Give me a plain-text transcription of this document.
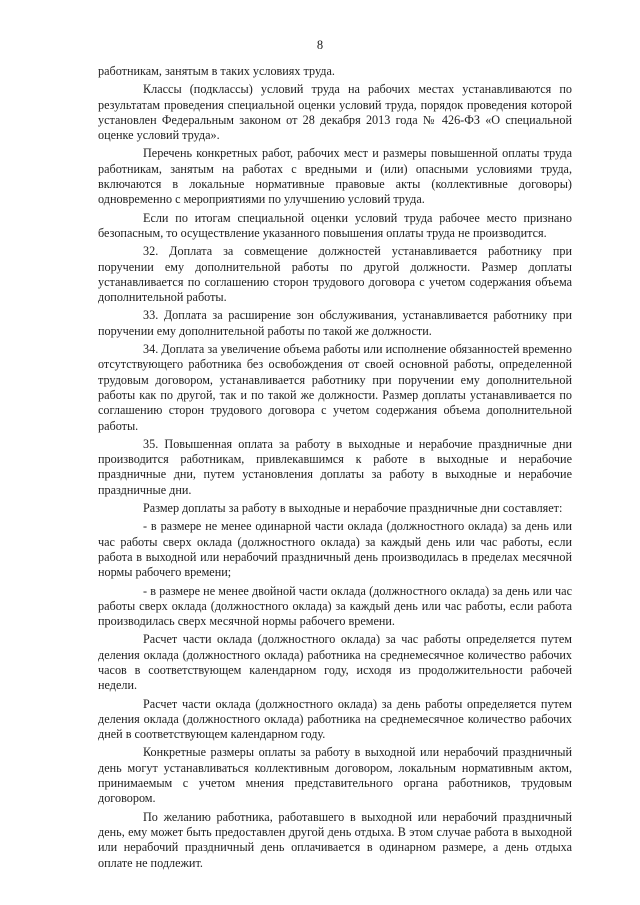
8

работникам, занятым в таких условиях труда.

Классы (подклассы) условий труда на рабочих местах устанавливаются по результатам проведения специальной оценки условий труда, порядок проведения которой установлен Федеральным законом от 28 декабря 2013 года № 426-ФЗ «О специальной оценке условий труда».

Перечень конкретных работ, рабочих мест и размеры повышенной оплаты труда работникам, занятым на работах с вредными и (или) опасными условиями труда, включаются в локальные нормативные правовые акты (коллективные договоры) одновременно с мероприятиями по улучшению условий труда.

Если по итогам специальной оценки условий труда рабочее место признано безопасным, то осуществление указанного повышения оплаты труда не производится.

32. Доплата за совмещение должностей устанавливается работнику при поручении ему дополнительной работы по другой должности. Размер доплаты устанавливается по соглашению сторон трудового договора с учетом содержания объема дополнительной работы.

33. Доплата за расширение зон обслуживания, устанавливается работнику при поручении ему дополнительной работы по такой же должности.

34. Доплата за увеличение объема работы или исполнение обязанностей временно отсутствующего работника без освобождения от своей основной работы, определенной трудовым договором, устанавливается работнику при поручении ему дополнительной работы как по другой, так и по такой же должности. Размер доплаты устанавливается по соглашению сторон трудового договора с учетом содержания объема дополнительной работы.

35. Повышенная оплата за работу в выходные и нерабочие праздничные дни производится работникам, привлекавшимся к работе в выходные и нерабочие праздничные дни, путем установления доплаты за работу в выходные и нерабочие праздничные дни.

Размер доплаты за работу в выходные и нерабочие праздничные дни составляет:

- в размере не менее одинарной части оклада (должностного оклада) за день или час работы сверх оклада (должностного оклада) за каждый день или час работы, если работа в выходной или нерабочий праздничный день производилась в пределах месячной нормы рабочего времени;

- в размере не менее двойной части оклада (должностного оклада) за день или час работы сверх оклада (должностного оклада) за каждый день или час работы, если работа производилась сверх месячной нормы рабочего времени.

Расчет части оклада (должностного оклада) за час работы определяется путем деления оклада (должностного оклада) работника на среднемесячное количество рабочих часов в соответствующем календарном году, исходя из продолжительности рабочей недели.

Расчет части оклада (должностного оклада) за день работы определяется путем деления оклада (должностного оклада) работника на среднемесячное количество рабочих дней в соответствующем календарном году.

Конкретные размеры оплаты за работу в выходной или нерабочий праздничный день могут устанавливаться коллективным договором, локальным нормативным актом, принимаемым с учетом мнения представительного органа работников, трудовым договором.

По желанию работника, работавшего в выходной или нерабочий праздничный день, ему может быть предоставлен другой день отдыха. В этом случае работа в выходной или нерабочий праздничный день оплачивается в одинарном размере, а день отдыха оплате не подлежит.
